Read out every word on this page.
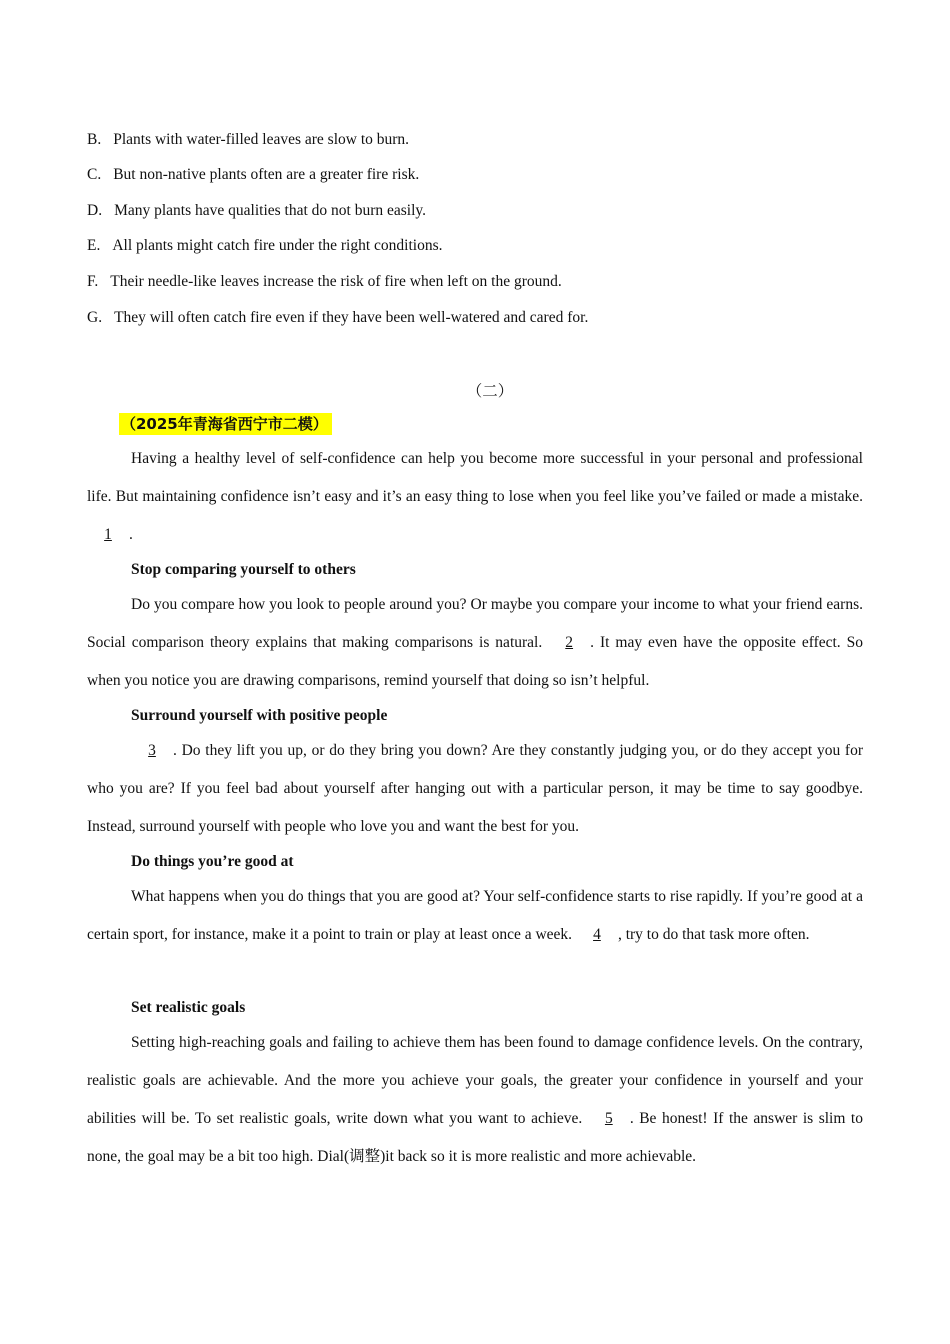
B. Plants with water-filled leaves are slow to burn.
C. But non-native plants often are a greater fire risk.
D. Many plants have qualities that do not burn easily.
E. All plants might catch fire under the right conditions.
F. Their needle-like leaves increase the risk of fire when left on the ground.
G. They will often catch fire even if they have been well-watered and cared for.
（二）
（2025年青海省西宁市二模）
Having a healthy level of self-confidence can help you become more successful in your personal and professional life. But maintaining confidence isn’t easy and it’s an easy thing to lose when you feel like you’ve failed or made a mistake. 1 .
Stop comparing yourself to others
Do you compare how you look to people around you? Or maybe you compare your income to what your friend earns. Social comparison theory explains that making comparisons is natural. 2 . It may even have the opposite effect. So when you notice you are drawing comparisons, remind yourself that doing so isn’t helpful.
Surround yourself with positive people
3 . Do they lift you up, or do they bring you down? Are they constantly judging you, or do they accept you for who you are? If you feel bad about yourself after hanging out with a particular person, it may be time to say goodbye. Instead, surround yourself with people who love you and want the best for you.
Do things you’re good at
What happens when you do things that you are good at? Your self-confidence starts to rise rapidly. If you’re good at a certain sport, for instance, make it a point to train or play at least once a week. 4 , try to do that task more often.
Set realistic goals
Setting high-reaching goals and failing to achieve them has been found to damage confidence levels. On the contrary, realistic goals are achievable. And the more you achieve your goals, the greater your confidence in yourself and your abilities will be. To set realistic goals, write down what you want to achieve. 5 . Be honest! If the answer is slim to none, the goal may be a bit too high. Dial(调整)it back so it is more realistic and more achievable.
